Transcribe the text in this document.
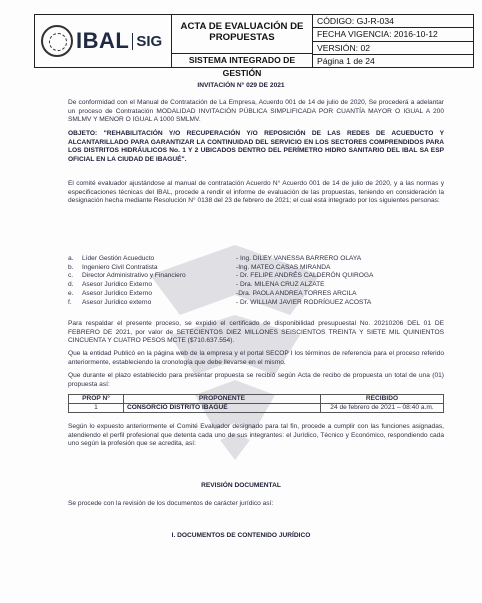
IBAL SIG
ACTA DE EVALUACIÓN DE PROPUESTAS
SISTEMA INTEGRADO DE GESTIÓN
CÓDIGO: GJ-R-034
FECHA VIGENCIA: 2016-10-12
VERSIÓN: 02
Página 1 de 24
INVITACIÓN N° 029 DE 2021
De conformidad con el Manual de Contratación de La Empresa, Acuerdo 001 de 14 de julio de 2020, Se procederá a adelantar un proceso de Contratación MODALIDAD INVITACIÓN PÚBLICA SIMPLIFICADA POR CUANTÍA MAYOR O IGUAL A 200 SMLMV Y MENOR O IGUAL A 1000 SMLMV.
OBJETO: "REHABILITACIÓN Y/O RECUPERACIÓN Y/O REPOSICIÓN DE LAS REDES DE ACUEDUCTO Y ALCANTARILLADO PARA GARANTIZAR LA CONTINUIDAD DEL SERVICIO EN LOS SECTORES COMPRENDIDOS PARA LOS DISTRITOS HIDRÁULICOS No. 1 Y 2 UBICADOS DENTRO DEL PERÍMETRO HIDRO SANITARIO DEL IBAL SA ESP OFICIAL EN LA CIUDAD DE IBAGUÉ".
El comité evaluador ajustándose al manual de contratación Acuerdo N° Acuerdo 001 de 14 de julio de 2020, y a las normas y especificaciones técnicas del IBAL, procede a rendir el informe de evaluación de las propuestas, teniendo en consideración la designación hecha mediante Resolución N° 0138 del 23 de febrero de 2021; el cual está integrado por los siguientes personas:
a.	Líder Gestión Acueducto	- Ing. DILEY VANESSA BARRERO OLAYA
b.	Ingeniero Civil Contratista	-Ing. MATEO CASAS MIRANDA
c.	Director Administrativo y Financiero	- Dr. FELIPE ANDRÉS CALDERÓN QUIROGA
d.	Asesor Jurídico Externo	- Dra. MILENA CRUZ ALZATE
e.	Asesor Jurídico Externo	-Dra. PAOLA ANDREA TORRES ARCILA
f.	Asesor Jurídico externo	- Dr. WILLIAM JAVIER RODRÍGUEZ ACOSTA
Para respaldar el presente proceso, se expidió el certificado de disponibilidad presupuestal No. 20210206 DEL 01 DE FEBRERO DE 2021, por valor de SETECIENTOS DIEZ MILLONES SEISCIENTOS TREINTA Y SIETE MIL QUINIENTOS CINCUENTA Y CUATRO PESOS MCTE ($710.637.554).
Que la entidad Publicó en la página web de la empresa y el portal SECOP I los términos de referencia para el proceso referido anteriormente, estableciendo la cronología que debe llevarse en el mismo.
Que durante el plazo establecido para presentar propuesta se recibió según Acta de recibo de propuesta un total de una (01) propuesta así:
PROP N°	PROPONENTE	RECIBIDO
1	CONSORCIO DISTRITO IBAGUÉ	24 de febrero de 2021 – 08:40 a.m.
Según lo expuesto anteriormente el Comité Evaluador designado para tal fin, procede a cumplir con las funciones asignadas, atendiendo el perfil profesional que detenta cada uno de sus integrantes: el Jurídico, Técnico y Económico, respondiendo cada uno según la profesión que se acredita, así:
REVISIÓN DOCUMENTAL
Se procede con la revisión de los documentos de carácter jurídico así:
I. DOCUMENTOS DE CONTENIDO JURÍDICO
